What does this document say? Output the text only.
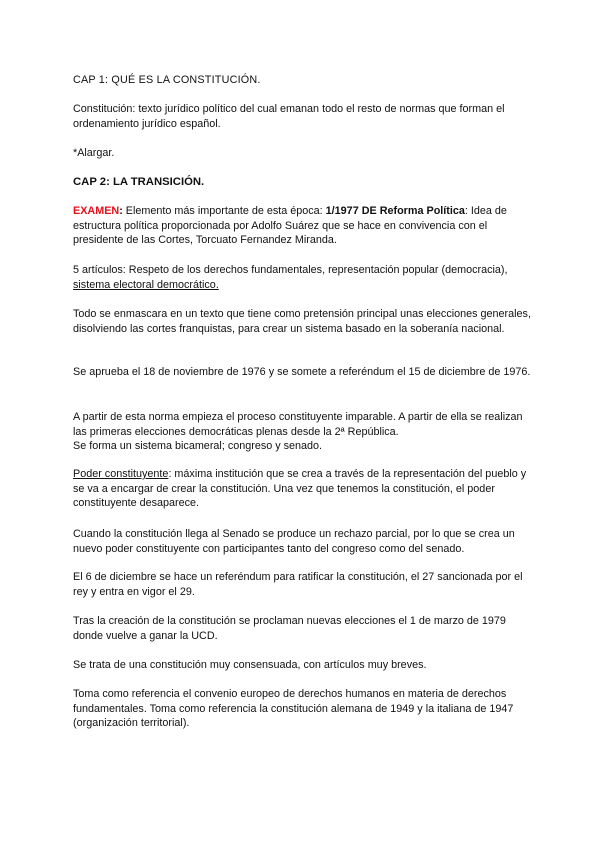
CAP 1: QUÉ ES LA CONSTITUCIÓN.

Constitución: texto jurídico político del cual emanan todo el resto de normas que forman el ordenamiento jurídico español.

*Alargar.

CAP 2: LA TRANSICIÓN.

EXAMEN: Elemento más importante de esta época: 1/1977 DE Reforma Política: Idea de estructura política proporcionada por Adolfo Suárez que se hace en convivencia con el presidente de las Cortes, Torcuato Fernandez Miranda.

5 artículos: Respeto de los derechos fundamentales, representación popular (democracia), sistema electoral democrático.

Todo se enmascara en un texto que tiene como pretensión principal unas elecciones generales, disolviendo las cortes franquistas, para crear un sistema basado en la soberanía nacional.

Se aprueba el 18 de noviembre de 1976 y se somete a referéndum el 15 de diciembre de 1976.

A partir de esta norma empieza el proceso constituyente imparable. A partir de ella se realizan las primeras elecciones democráticas plenas desde la 2ª República.

Se forma un sistema bicameral; congreso y senado.

Poder constituyente: máxima institución que se crea a través de la representación del pueblo y se va a encargar de crear la constitución. Una vez que tenemos la constitución, el poder constituyente desaparece.

Cuando la constitución llega al Senado se produce un rechazo parcial, por lo que se crea un nuevo poder constituyente con participantes tanto del congreso como del senado.

El 6 de diciembre se hace un referéndum para ratificar la constitución, el 27 sancionada por el rey y entra en vigor el 29.

Tras la creación de la constitución se proclaman nuevas elecciones el 1 de marzo de 1979 donde vuelve a ganar la UCD.

Se trata de una constitución muy consensuada, con artículos muy breves.

Toma como referencia el convenio europeo de derechos humanos en materia de derechos fundamentales. Toma como referencia la constitución alemana de 1949 y la italiana de 1947 (organización territorial).
